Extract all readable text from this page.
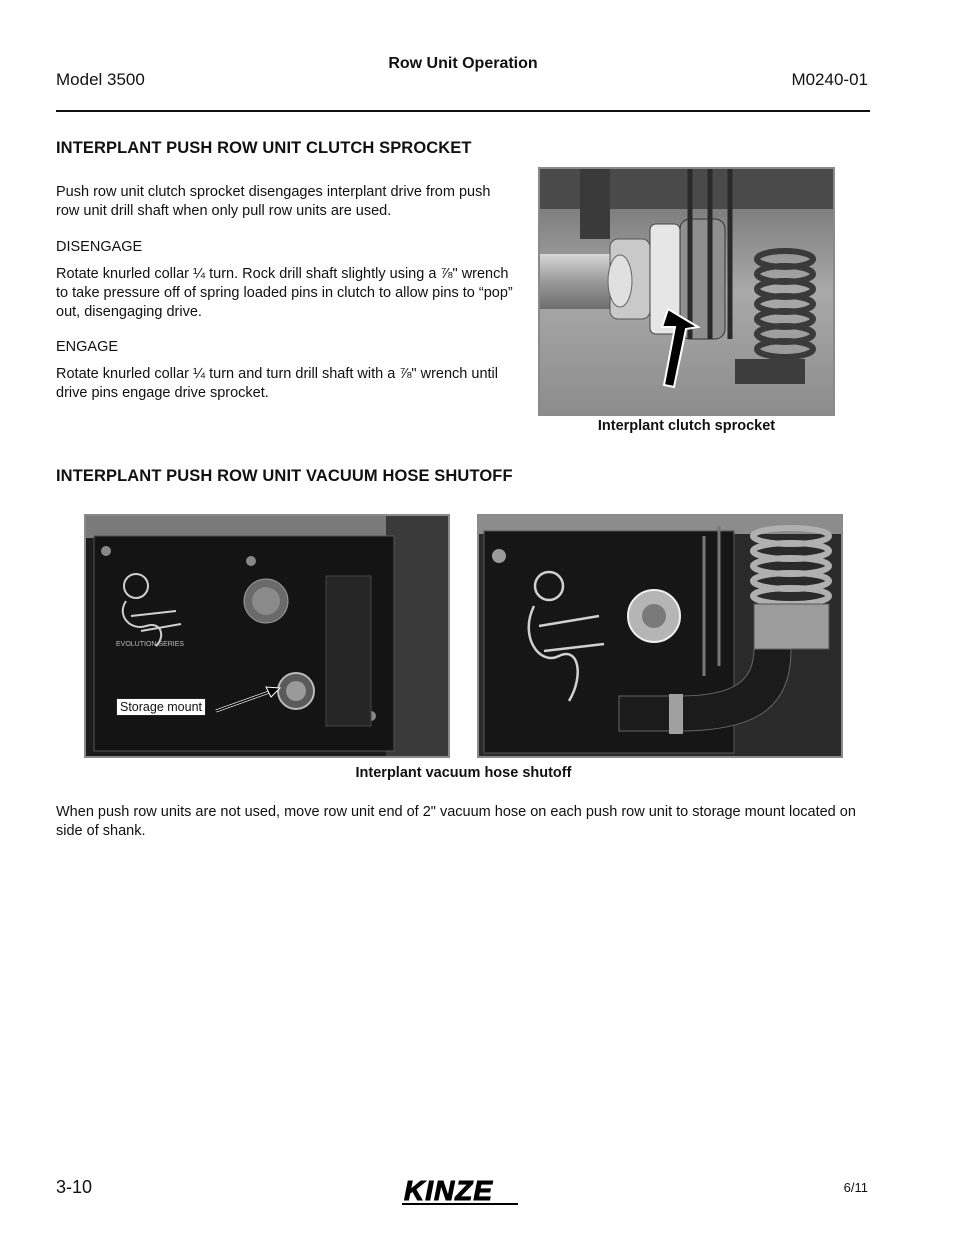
Model 3500
Row Unit Operation
M0240-01
INTERPLANT PUSH ROW UNIT CLUTCH SPROCKET
Push row unit clutch sprocket disengages interplant drive from push row unit drill shaft when only pull row units are used.
DISENGAGE
Rotate knurled collar ¼ turn. Rock drill shaft slightly using a ⅞" wrench to take pressure off of spring loaded pins in clutch to allow pins to “pop” out, disengaging drive.
ENGAGE
Rotate knurled collar ¼ turn and turn drill shaft with a ⅞" wrench until drive pins engage drive sprocket.
Interplant clutch sprocket
INTERPLANT PUSH ROW UNIT VACUUM HOSE SHUTOFF
EVOLUTION SERIES
Storage mount
Interplant vacuum hose shutoff
When push row units are not used, move row unit end of 2" vacuum hose on each push row unit to storage mount located on side of shank.
3-10	KINZE	6/11
